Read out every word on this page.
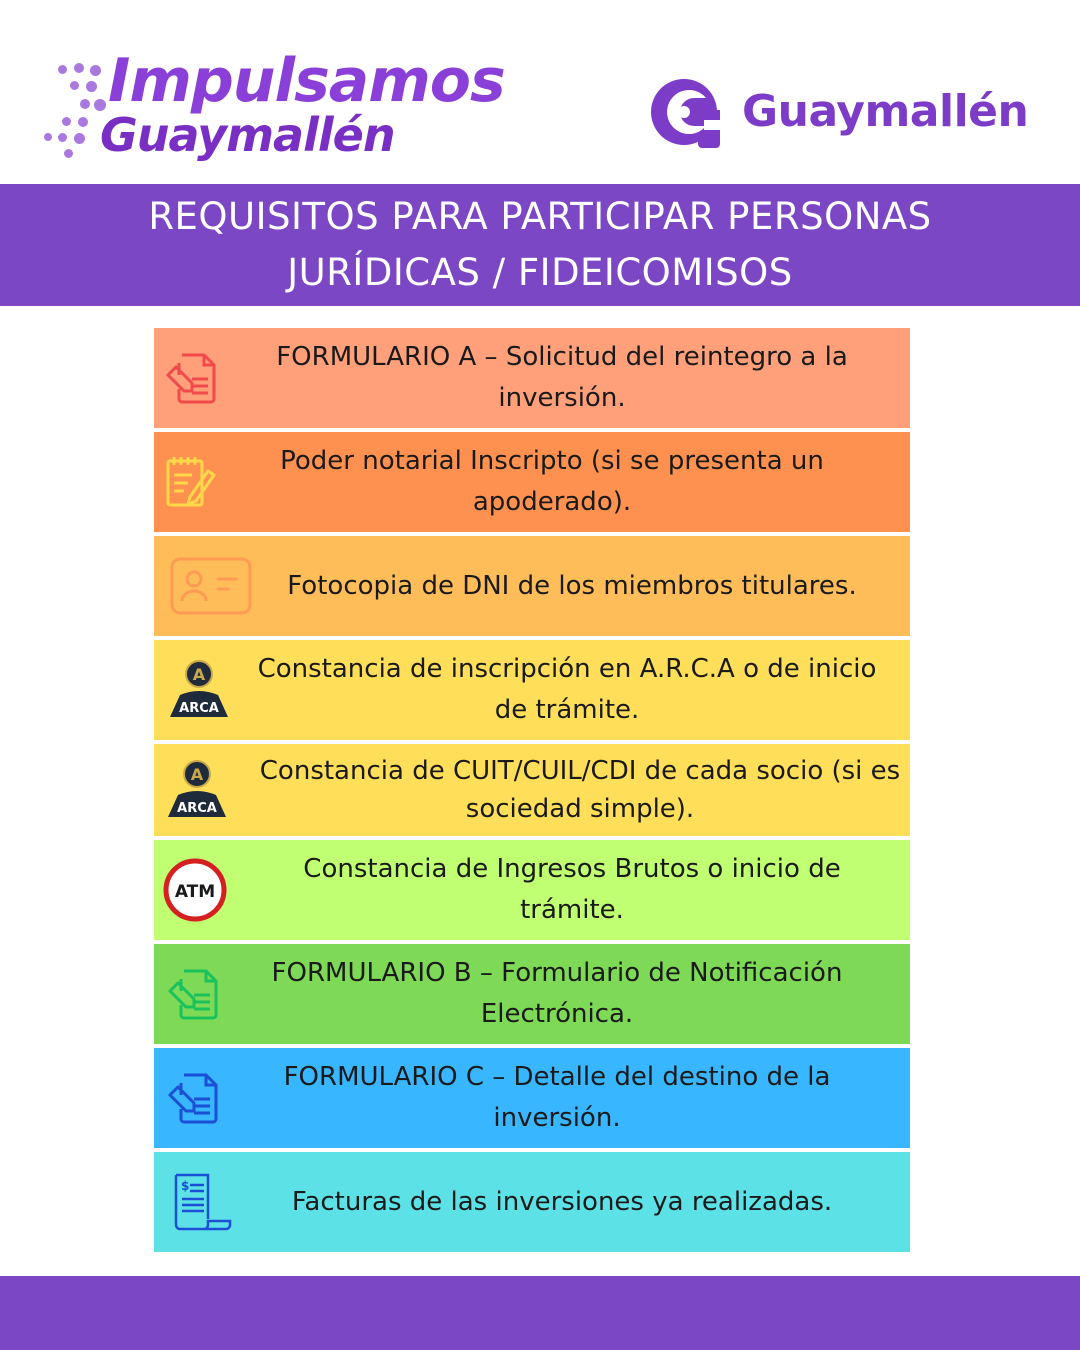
Impulsamos
Guaymallén	Guaymallén
REQUISITOS PARA PARTICIPAR PERSONAS
JURÍDICAS / FIDEICOMISOS
FORMULARIO A – Solicitud del reintegro a la inversión.
Poder notarial Inscripto (si se presenta un apoderado).
Fotocopia de DNI de los miembros titulares.
A
ARCA
Constancia de inscripción en A.R.C.A o de inicio de trámite.
A
ARCA
Constancia de CUIT/CUIL/CDI de cada socio (si es sociedad simple).
ATM
Constancia de Ingresos Brutos o inicio de trámite.
FORMULARIO B – Formulario de Notificación Electrónica.
FORMULARIO C – Detalle del destino de la inversión.
$
Facturas de las inversiones ya realizadas.
